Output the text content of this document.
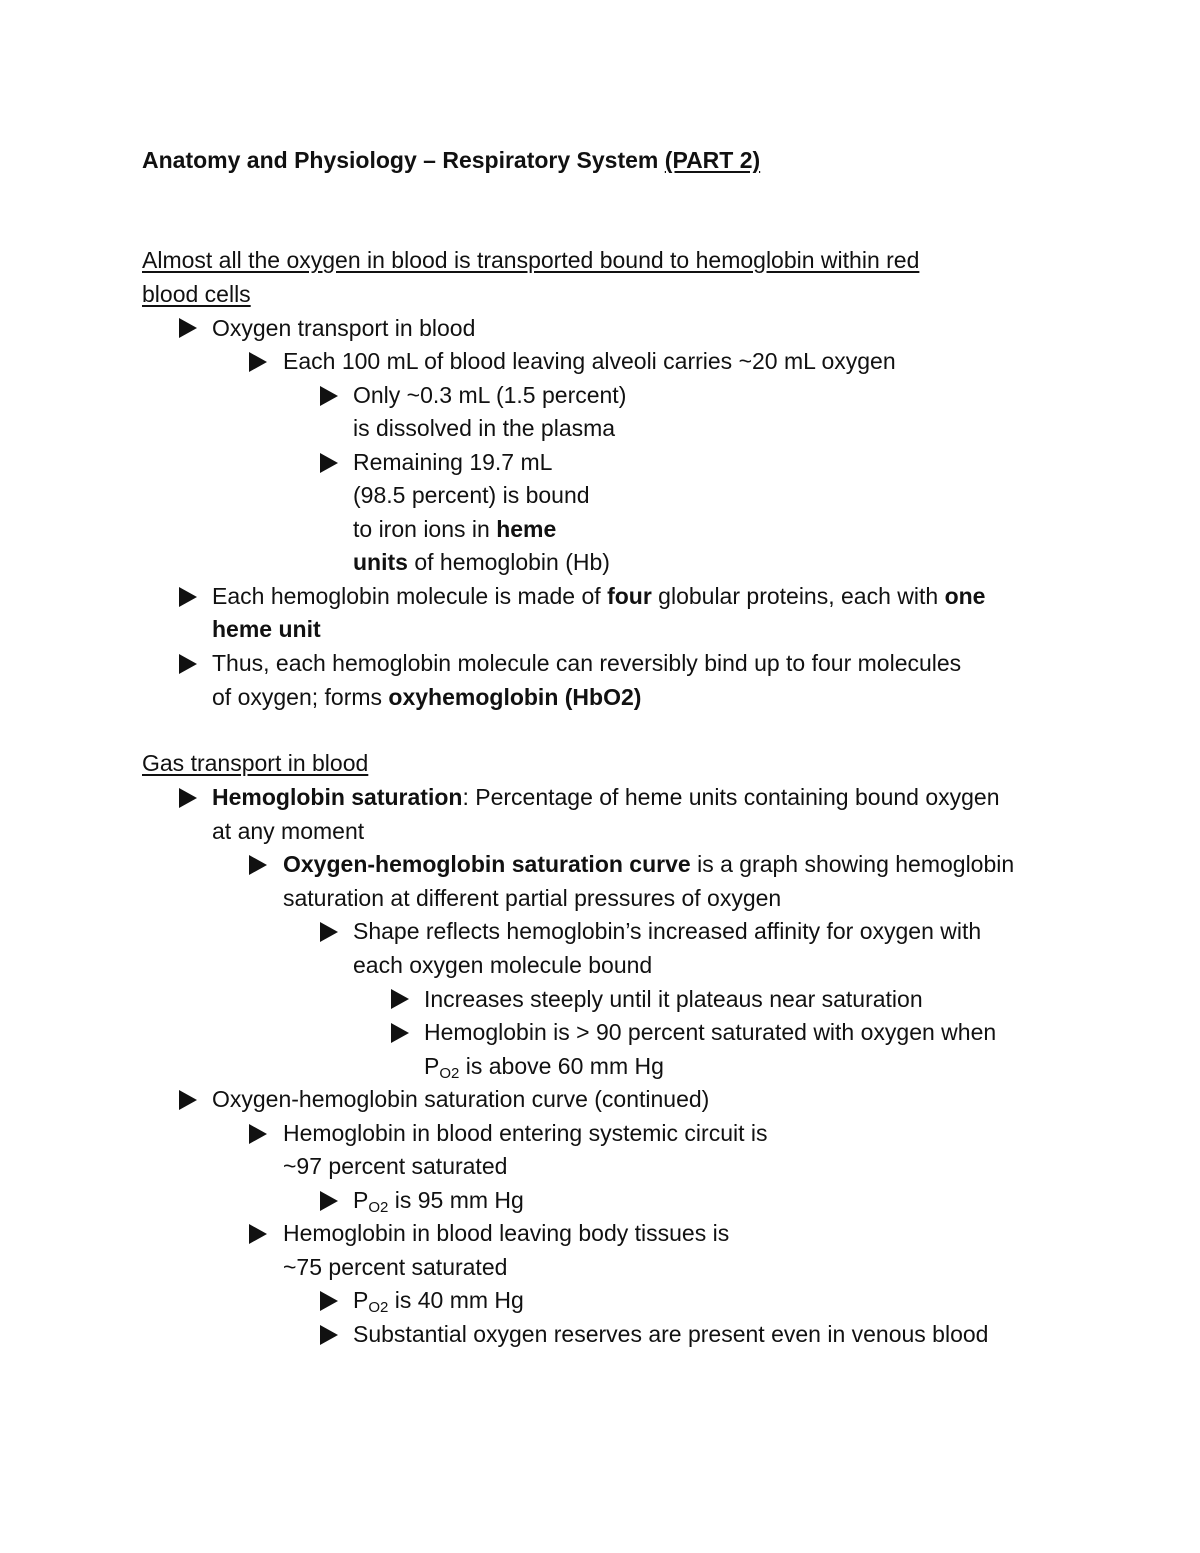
Anatomy and Physiology – Respiratory System (PART 2)
Almost all the oxygen in blood is transported bound to hemoglobin within red
blood cells
Oxygen transport in blood
Each 100 mL of blood leaving alveoli carries ~20 mL oxygen
Only ~0.3 mL (1.5 percent)
is dissolved in the plasma
Remaining 19.7 mL
(98.5 percent) is bound
to iron ions in heme
units of hemoglobin (Hb)
Each hemoglobin molecule is made of four globular proteins, each with one
heme unit
Thus, each hemoglobin molecule can reversibly bind up to four molecules
of oxygen; forms oxyhemoglobin (HbO2)
Gas transport in blood
Hemoglobin saturation: Percentage of heme units containing bound oxygen
at any moment
Oxygen-hemoglobin saturation curve is a graph showing hemoglobin
saturation at different partial pressures of oxygen
Shape reflects hemoglobin’s increased affinity for oxygen with
each oxygen molecule bound
Increases steeply until it plateaus near saturation
Hemoglobin is > 90 percent saturated with oxygen when
$P_{O2}$ is above 60 mm Hg
Oxygen-hemoglobin saturation curve (continued)
Hemoglobin in blood entering systemic circuit is
~97 percent saturated
$P_{O2}$ is 95 mm Hg
Hemoglobin in blood leaving body tissues is
~75 percent saturated
$P_{O2}$ is 40 mm Hg
Substantial oxygen reserves are present even in venous blood
